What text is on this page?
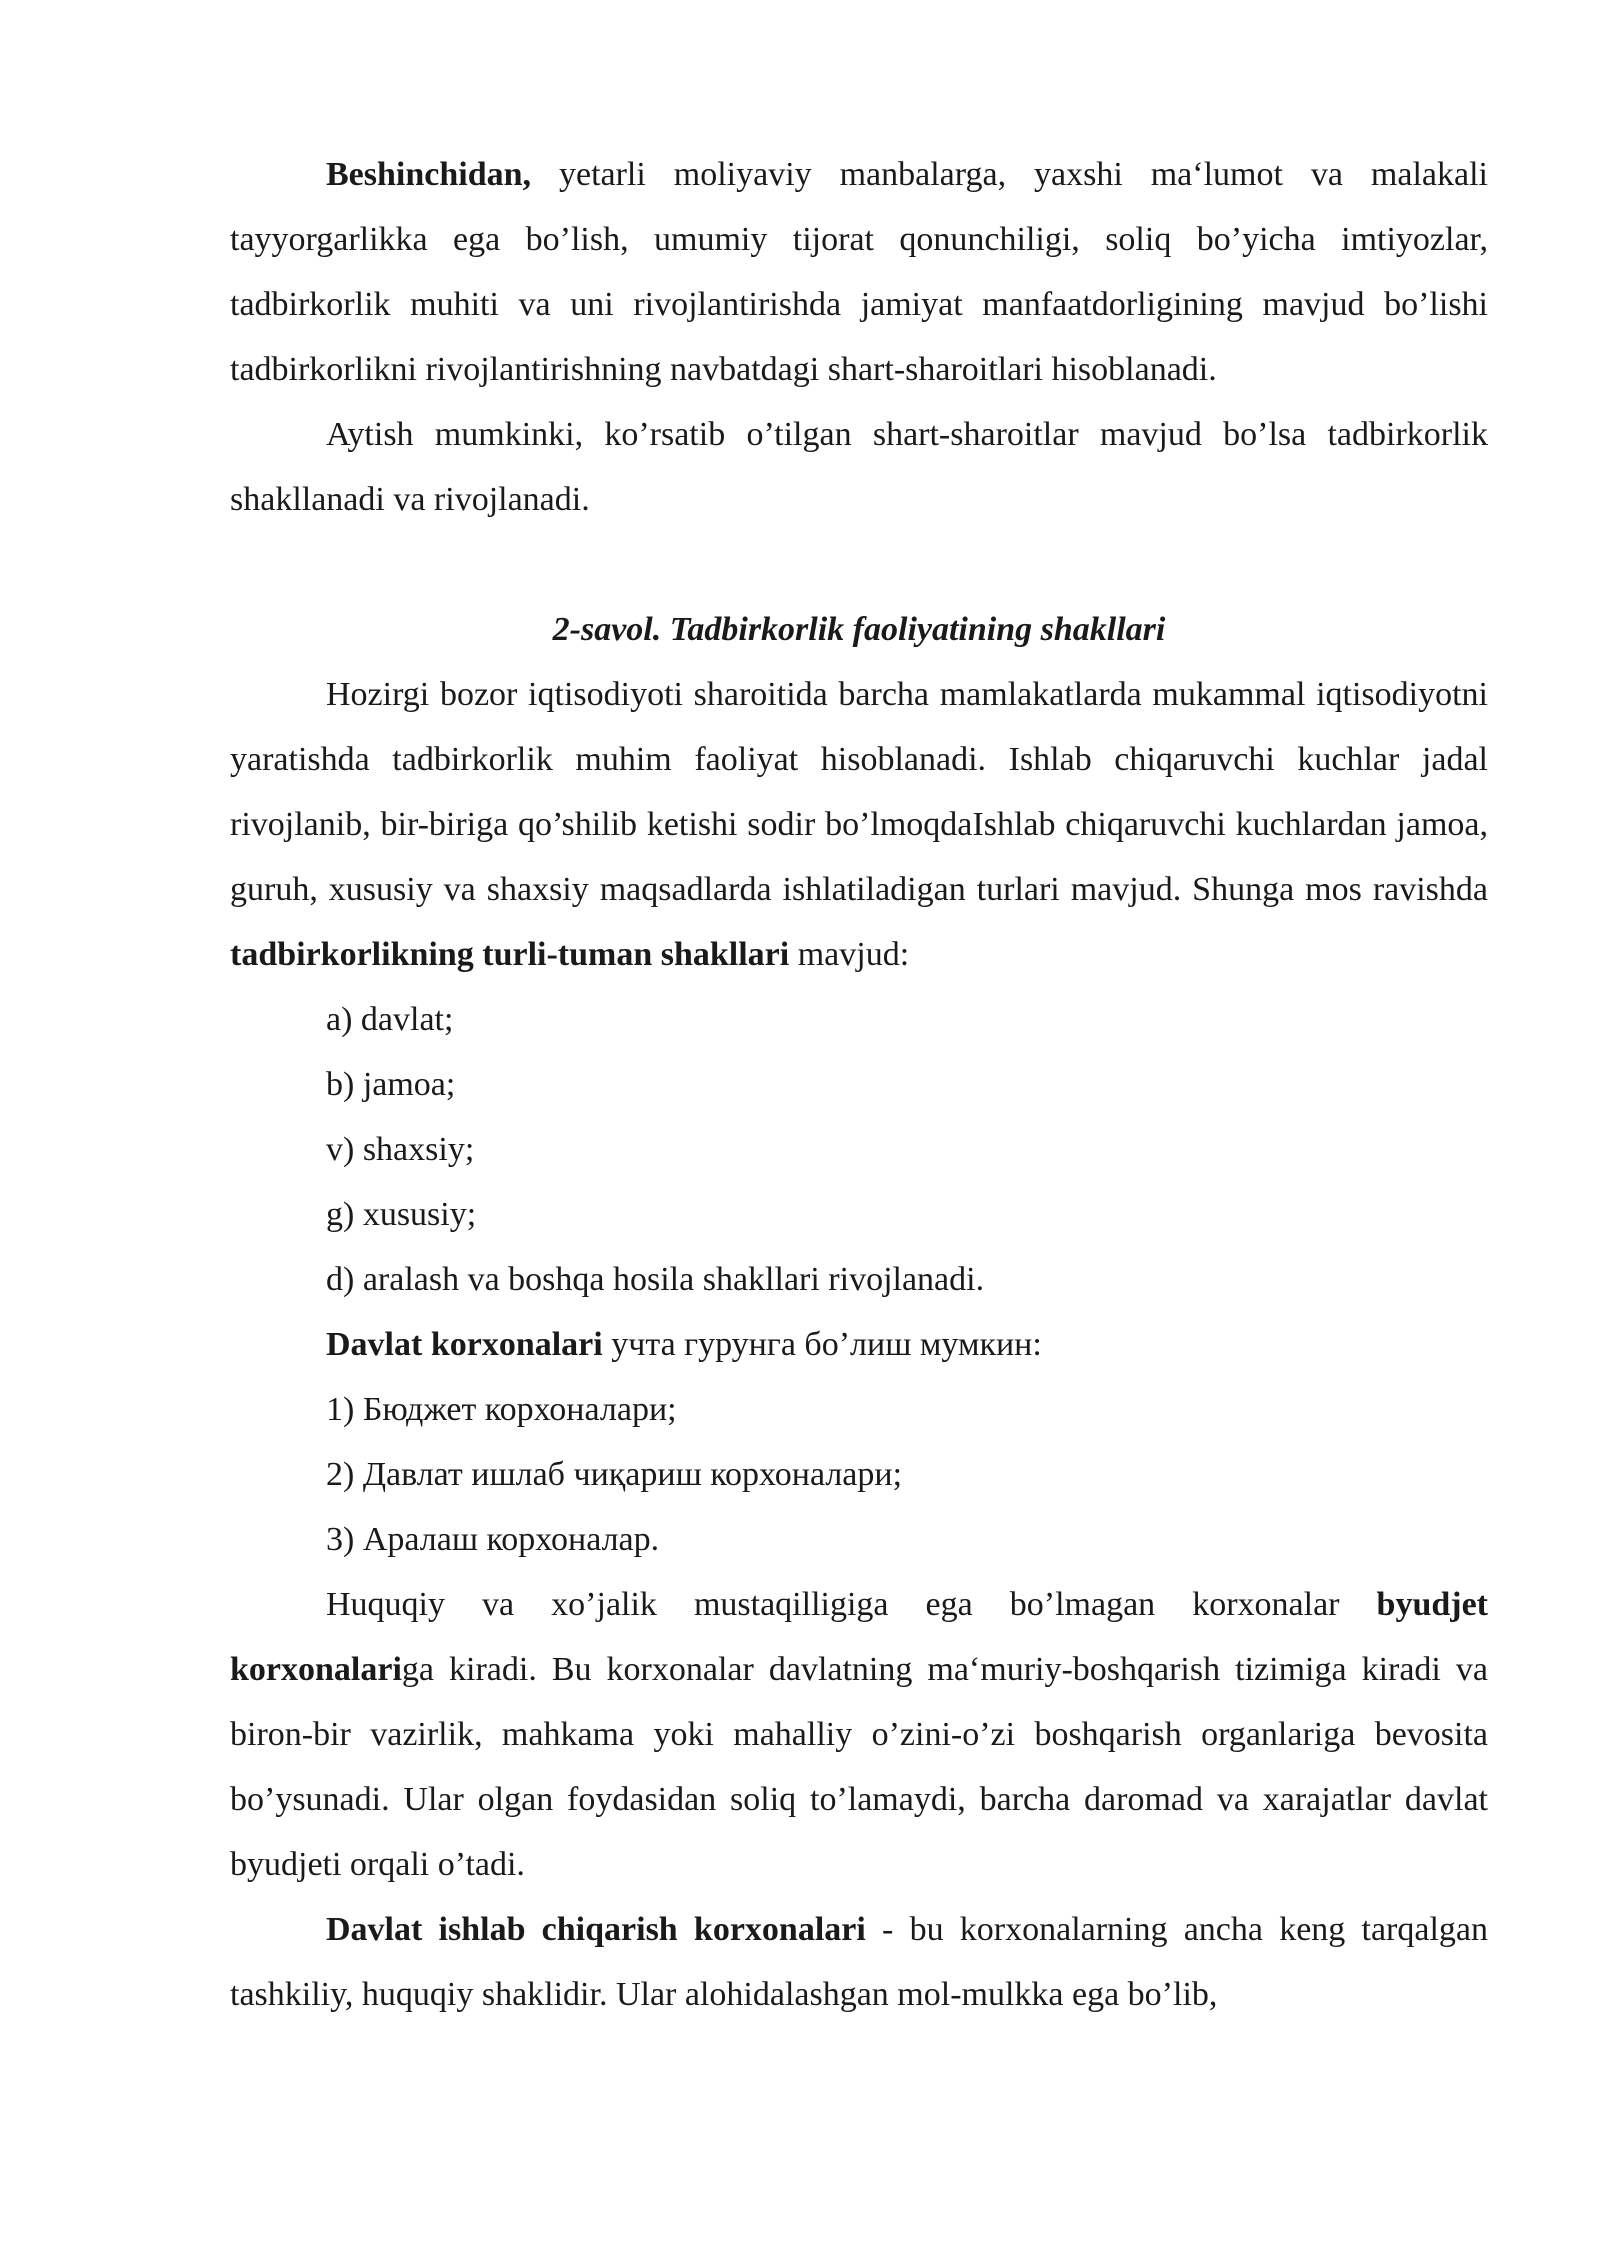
Beshinchidan, yetarli moliyaviy manbalarga, yaxshi ma‘lumot va malakali tayyorgarlikka ega bo’lish, umumiy tijorat qonunchiligi, soliq bo’yicha imtiyozlar, tadbirkorlik muhiti va uni rivojlantirishda jamiyat manfaatdorligining mavjud bo’lishi tadbirkorlikni rivojlantirishning navbatdagi shart-sharoitlari hisoblanadi.

Aytish mumkinki, ko’rsatib o’tilgan shart-sharoitlar mavjud bo’lsa tadbirkorlik shakllanadi va rivojlanadi.

2-savol. Tadbirkorlik faoliyatining shakllari

Hozirgi bozor iqtisodiyoti sharoitida barcha mamlakatlarda mukammal iqtisodiyotni yaratishda tadbirkorlik muhim faoliyat hisoblanadi. Ishlab chiqaruvchi kuchlar jadal rivojlanib, bir-biriga qo’shilib ketishi sodir bo’lmoqdaIshlab chiqaruvchi kuchlardan jamoa, guruh, xususiy va shaxsiy maqsadlarda ishlatiladigan turlari mavjud. Shunga mos ravishda tadbirkorlikning turli-tuman shakllari mavjud:

a) davlat;

b) jamoa;

v) shaxsiy;

g) xususiy;

d) aralash va boshqa hosila shakllari rivojlanadi.

Davlat korxonalari учта гурунга бо’лиш мумкин:

1) Бюджет корхоналари;

2) Давлат ишлаб чиқариш корхоналари;

3) Аралаш корхоналар.

Huquqiy va xo’jalik mustaqilligiga ega bo’lmagan korxonalar byudjet korxonalariga kiradi. Bu korxonalar davlatning ma‘muriy-boshqarish tizimiga kiradi va biron-bir vazirlik, mahkama yoki mahalliy o’zini-o’zi boshqarish organlariga bevosita bo’ysunadi. Ular olgan foydasidan soliq to’lamaydi, barcha daromad va xarajatlar davlat byudjeti orqali o’tadi.

Davlat ishlab chiqarish korxonalari - bu korxonalarning ancha keng tarqalgan tashkiliy, huquqiy shaklidir. Ular alohidalashgan mol-mulkka ega bo’lib,
